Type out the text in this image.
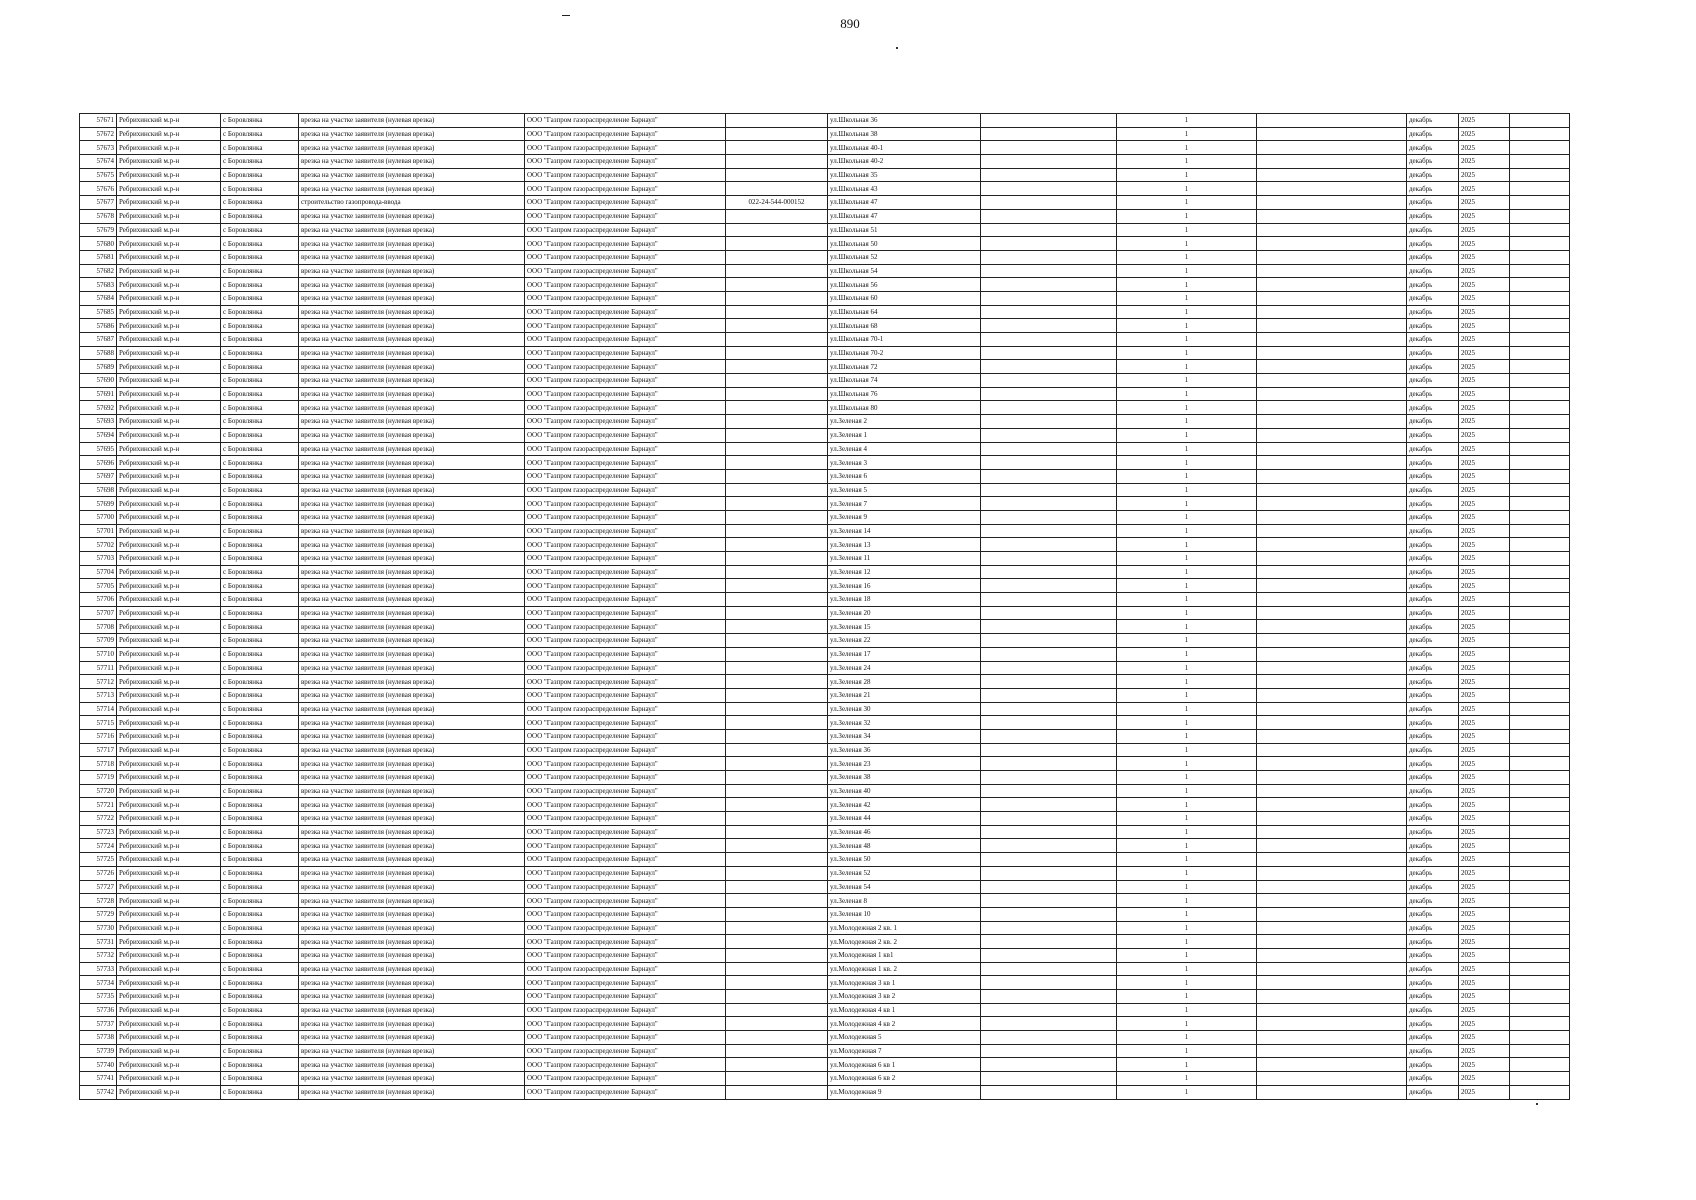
890
57671	Ребрихинский м.р-н	с Боровлянка	врезка на участке заявителя (нулевая врезка)	ООО "Газпром газораспределение Барнаул"		ул.Школьная 36		1		декабрь	2025	
57672	Ребрихинский м.р-н	с Боровлянка	врезка на участке заявителя (нулевая врезка)	ООО "Газпром газораспределение Барнаул"		ул.Школьная 38		1		декабрь	2025	
57673	Ребрихинский м.р-н	с Боровлянка	врезка на участке заявителя (нулевая врезка)	ООО "Газпром газораспределение Барнаул"		ул.Школьная 40-1		1		декабрь	2025	
57674	Ребрихинский м.р-н	с Боровлянка	врезка на участке заявителя (нулевая врезка)	ООО "Газпром газораспределение Барнаул"		ул.Школьная 40-2		1		декабрь	2025	
57675	Ребрихинский м.р-н	с Боровлянка	врезка на участке заявителя (нулевая врезка)	ООО "Газпром газораспределение Барнаул"		ул.Школьная 35		1		декабрь	2025	
57676	Ребрихинский м.р-н	с Боровлянка	врезка на участке заявителя (нулевая врезка)	ООО "Газпром газораспределение Барнаул"		ул.Школьная 43		1		декабрь	2025	
57677	Ребрихинский м.р-н	с Боровлянка	строительство газопровода-ввода	ООО "Газпром газораспределение Барнаул"	022-24-544-000152	ул.Школьная 47		1		декабрь	2025	
57678	Ребрихинский м.р-н	с Боровлянка	врезка на участке заявителя (нулевая врезка)	ООО "Газпром газораспределение Барнаул"		ул.Школьная 47		1		декабрь	2025	
57679	Ребрихинский м.р-н	с Боровлянка	врезка на участке заявителя (нулевая врезка)	ООО "Газпром газораспределение Барнаул"		ул.Школьная 51		1		декабрь	2025	
57680	Ребрихинский м.р-н	с Боровлянка	врезка на участке заявителя (нулевая врезка)	ООО "Газпром газораспределение Барнаул"		ул.Школьная 50		1		декабрь	2025	
57681	Ребрихинский м.р-н	с Боровлянка	врезка на участке заявителя (нулевая врезка)	ООО "Газпром газораспределение Барнаул"		ул.Школьная 52		1		декабрь	2025	
57682	Ребрихинский м.р-н	с Боровлянка	врезка на участке заявителя (нулевая врезка)	ООО "Газпром газораспределение Барнаул"		ул.Школьная 54		1		декабрь	2025	
57683	Ребрихинский м.р-н	с Боровлянка	врезка на участке заявителя (нулевая врезка)	ООО "Газпром газораспределение Барнаул"		ул.Школьная 56		1		декабрь	2025	
57684	Ребрихинский м.р-н	с Боровлянка	врезка на участке заявителя (нулевая врезка)	ООО "Газпром газораспределение Барнаул"		ул.Школьная 60		1		декабрь	2025	
57685	Ребрихинский м.р-н	с Боровлянка	врезка на участке заявителя (нулевая врезка)	ООО "Газпром газораспределение Барнаул"		ул.Школьная 64		1		декабрь	2025	
57686	Ребрихинский м.р-н	с Боровлянка	врезка на участке заявителя (нулевая врезка)	ООО "Газпром газораспределение Барнаул"		ул.Школьная 68		1		декабрь	2025	
57687	Ребрихинский м.р-н	с Боровлянка	врезка на участке заявителя (нулевая врезка)	ООО "Газпром газораспределение Барнаул"		ул.Школьная 70-1		1		декабрь	2025	
57688	Ребрихинский м.р-н	с Боровлянка	врезка на участке заявителя (нулевая врезка)	ООО "Газпром газораспределение Барнаул"		ул.Школьная 70-2		1		декабрь	2025	
57689	Ребрихинский м.р-н	с Боровлянка	врезка на участке заявителя (нулевая врезка)	ООО "Газпром газораспределение Барнаул"		ул.Школьная 72		1		декабрь	2025	
57690	Ребрихинский м.р-н	с Боровлянка	врезка на участке заявителя (нулевая врезка)	ООО "Газпром газораспределение Барнаул"		ул.Школьная 74		1		декабрь	2025	
57691	Ребрихинский м.р-н	с Боровлянка	врезка на участке заявителя (нулевая врезка)	ООО "Газпром газораспределение Барнаул"		ул.Школьная 76		1		декабрь	2025	
57692	Ребрихинский м.р-н	с Боровлянка	врезка на участке заявителя (нулевая врезка)	ООО "Газпром газораспределение Барнаул"		ул.Школьная 80		1		декабрь	2025	
57693	Ребрихинский м.р-н	с Боровлянка	врезка на участке заявителя (нулевая врезка)	ООО "Газпром газораспределение Барнаул"		ул.Зеленая 2		1		декабрь	2025	
57694	Ребрихинский м.р-н	с Боровлянка	врезка на участке заявителя (нулевая врезка)	ООО "Газпром газораспределение Барнаул"		ул.Зеленая 1		1		декабрь	2025	
57695	Ребрихинский м.р-н	с Боровлянка	врезка на участке заявителя (нулевая врезка)	ООО "Газпром газораспределение Барнаул"		ул.Зеленая 4		1		декабрь	2025	
57696	Ребрихинский м.р-н	с Боровлянка	врезка на участке заявителя (нулевая врезка)	ООО "Газпром газораспределение Барнаул"		ул.Зеленая 3		1		декабрь	2025	
57697	Ребрихинский м.р-н	с Боровлянка	врезка на участке заявителя (нулевая врезка)	ООО "Газпром газораспределение Барнаул"		ул.Зеленая 6		1		декабрь	2025	
57698	Ребрихинский м.р-н	с Боровлянка	врезка на участке заявителя (нулевая врезка)	ООО "Газпром газораспределение Барнаул"		ул.Зеленая 5		1		декабрь	2025	
57699	Ребрихинский м.р-н	с Боровлянка	врезка на участке заявителя (нулевая врезка)	ООО "Газпром газораспределение Барнаул"		ул.Зеленая 7		1		декабрь	2025	
57700	Ребрихинский м.р-н	с Боровлянка	врезка на участке заявителя (нулевая врезка)	ООО "Газпром газораспределение Барнаул"		ул.Зеленая 9		1		декабрь	2025	
57701	Ребрихинский м.р-н	с Боровлянка	врезка на участке заявителя (нулевая врезка)	ООО "Газпром газораспределение Барнаул"		ул.Зеленая 14		1		декабрь	2025	
57702	Ребрихинский м.р-н	с Боровлянка	врезка на участке заявителя (нулевая врезка)	ООО "Газпром газораспределение Барнаул"		ул.Зеленая 13		1		декабрь	2025	
57703	Ребрихинский м.р-н	с Боровлянка	врезка на участке заявителя (нулевая врезка)	ООО "Газпром газораспределение Барнаул"		ул.Зеленая 11		1		декабрь	2025	
57704	Ребрихинский м.р-н	с Боровлянка	врезка на участке заявителя (нулевая врезка)	ООО "Газпром газораспределение Барнаул"		ул.Зеленая 12		1		декабрь	2025	
57705	Ребрихинский м.р-н	с Боровлянка	врезка на участке заявителя (нулевая врезка)	ООО "Газпром газораспределение Барнаул"		ул.Зеленая 16		1		декабрь	2025	
57706	Ребрихинский м.р-н	с Боровлянка	врезка на участке заявителя (нулевая врезка)	ООО "Газпром газораспределение Барнаул"		ул.Зеленая 18		1		декабрь	2025	
57707	Ребрихинский м.р-н	с Боровлянка	врезка на участке заявителя (нулевая врезка)	ООО "Газпром газораспределение Барнаул"		ул.Зеленая 20		1		декабрь	2025	
57708	Ребрихинский м.р-н	с Боровлянка	врезка на участке заявителя (нулевая врезка)	ООО "Газпром газораспределение Барнаул"		ул.Зеленая 15		1		декабрь	2025	
57709	Ребрихинский м.р-н	с Боровлянка	врезка на участке заявителя (нулевая врезка)	ООО "Газпром газораспределение Барнаул"		ул.Зеленая 22		1		декабрь	2025	
57710	Ребрихинский м.р-н	с Боровлянка	врезка на участке заявителя (нулевая врезка)	ООО "Газпром газораспределение Барнаул"		ул.Зеленая 17		1		декабрь	2025	
57711	Ребрихинский м.р-н	с Боровлянка	врезка на участке заявителя (нулевая врезка)	ООО "Газпром газораспределение Барнаул"		ул.Зеленая 24		1		декабрь	2025	
57712	Ребрихинский м.р-н	с Боровлянка	врезка на участке заявителя (нулевая врезка)	ООО "Газпром газораспределение Барнаул"		ул.Зеленая 28		1		декабрь	2025	
57713	Ребрихинский м.р-н	с Боровлянка	врезка на участке заявителя (нулевая врезка)	ООО "Газпром газораспределение Барнаул"		ул.Зеленая 21		1		декабрь	2025	
57714	Ребрихинский м.р-н	с Боровлянка	врезка на участке заявителя (нулевая врезка)	ООО "Газпром газораспределение Барнаул"		ул.Зеленая 30		1		декабрь	2025	
57715	Ребрихинский м.р-н	с Боровлянка	врезка на участке заявителя (нулевая врезка)	ООО "Газпром газораспределение Барнаул"		ул.Зеленая 32		1		декабрь	2025	
57716	Ребрихинский м.р-н	с Боровлянка	врезка на участке заявителя (нулевая врезка)	ООО "Газпром газораспределение Барнаул"		ул.Зеленая 34		1		декабрь	2025	
57717	Ребрихинский м.р-н	с Боровлянка	врезка на участке заявителя (нулевая врезка)	ООО "Газпром газораспределение Барнаул"		ул.Зеленая 36		1		декабрь	2025	
57718	Ребрихинский м.р-н	с Боровлянка	врезка на участке заявителя (нулевая врезка)	ООО "Газпром газораспределение Барнаул"		ул.Зеленая 23		1		декабрь	2025	
57719	Ребрихинский м.р-н	с Боровлянка	врезка на участке заявителя (нулевая врезка)	ООО "Газпром газораспределение Барнаул"		ул.Зеленая 38		1		декабрь	2025	
57720	Ребрихинский м.р-н	с Боровлянка	врезка на участке заявителя (нулевая врезка)	ООО "Газпром газораспределение Барнаул"		ул.Зеленая 40		1		декабрь	2025	
57721	Ребрихинский м.р-н	с Боровлянка	врезка на участке заявителя (нулевая врезка)	ООО "Газпром газораспределение Барнаул"		ул.Зеленая 42		1		декабрь	2025	
57722	Ребрихинский м.р-н	с Боровлянка	врезка на участке заявителя (нулевая врезка)	ООО "Газпром газораспределение Барнаул"		ул.Зеленая 44		1		декабрь	2025	
57723	Ребрихинский м.р-н	с Боровлянка	врезка на участке заявителя (нулевая врезка)	ООО "Газпром газораспределение Барнаул"		ул.Зеленая 46		1		декабрь	2025	
57724	Ребрихинский м.р-н	с Боровлянка	врезка на участке заявителя (нулевая врезка)	ООО "Газпром газораспределение Барнаул"		ул.Зеленая 48		1		декабрь	2025	
57725	Ребрихинский м.р-н	с Боровлянка	врезка на участке заявителя (нулевая врезка)	ООО "Газпром газораспределение Барнаул"		ул.Зеленая 50		1		декабрь	2025	
57726	Ребрихинский м.р-н	с Боровлянка	врезка на участке заявителя (нулевая врезка)	ООО "Газпром газораспределение Барнаул"		ул.Зеленая 52		1		декабрь	2025	
57727	Ребрихинский м.р-н	с Боровлянка	врезка на участке заявителя (нулевая врезка)	ООО "Газпром газораспределение Барнаул"		ул.Зеленая 54		1		декабрь	2025	
57728	Ребрихинский м.р-н	с Боровлянка	врезка на участке заявителя (нулевая врезка)	ООО "Газпром газораспределение Барнаул"		ул.Зеленая 8		1		декабрь	2025	
57729	Ребрихинский м.р-н	с Боровлянка	врезка на участке заявителя (нулевая врезка)	ООО "Газпром газораспределение Барнаул"		ул.Зеленая 10		1		декабрь	2025	
57730	Ребрихинский м.р-н	с Боровлянка	врезка на участке заявителя (нулевая врезка)	ООО "Газпром газораспределение Барнаул"		ул.Молодежная 2 кв. 1		1		декабрь	2025	
57731	Ребрихинский м.р-н	с Боровлянка	врезка на участке заявителя (нулевая врезка)	ООО "Газпром газораспределение Барнаул"		ул.Молодежная 2 кв. 2		1		декабрь	2025	
57732	Ребрихинский м.р-н	с Боровлянка	врезка на участке заявителя (нулевая врезка)	ООО "Газпром газораспределение Барнаул"		ул.Молодежная 1 кв1		1		декабрь	2025	
57733	Ребрихинский м.р-н	с Боровлянка	врезка на участке заявителя (нулевая врезка)	ООО "Газпром газораспределение Барнаул"		ул.Молодежная 1 кв. 2		1		декабрь	2025	
57734	Ребрихинский м.р-н	с Боровлянка	врезка на участке заявителя (нулевая врезка)	ООО "Газпром газораспределение Барнаул"		ул.Молодежная 3 кв 1		1		декабрь	2025	
57735	Ребрихинский м.р-н	с Боровлянка	врезка на участке заявителя (нулевая врезка)	ООО "Газпром газораспределение Барнаул"		ул.Молодежная 3 кв 2		1		декабрь	2025	
57736	Ребрихинский м.р-н	с Боровлянка	врезка на участке заявителя (нулевая врезка)	ООО "Газпром газораспределение Барнаул"		ул.Молодежная 4 кв 1		1		декабрь	2025	
57737	Ребрихинский м.р-н	с Боровлянка	врезка на участке заявителя (нулевая врезка)	ООО "Газпром газораспределение Барнаул"		ул.Молодежная 4 кв 2		1		декабрь	2025	
57738	Ребрихинский м.р-н	с Боровлянка	врезка на участке заявителя (нулевая врезка)	ООО "Газпром газораспределение Барнаул"		ул.Молодежная 5		1		декабрь	2025	
57739	Ребрихинский м.р-н	с Боровлянка	врезка на участке заявителя (нулевая врезка)	ООО "Газпром газораспределение Барнаул"		ул.Молодежная 7		1		декабрь	2025	
57740	Ребрихинский м.р-н	с Боровлянка	врезка на участке заявителя (нулевая врезка)	ООО "Газпром газораспределение Барнаул"		ул.Молодежная 6 кв 1		1		декабрь	2025	
57741	Ребрихинский м.р-н	с Боровлянка	врезка на участке заявителя (нулевая врезка)	ООО "Газпром газораспределение Барнаул"		ул.Молодежная 6 кв 2		1		декабрь	2025	
57742	Ребрихинский м.р-н	с Боровлянка	врезка на участке заявителя (нулевая врезка)	ООО "Газпром газораспределение Барнаул"		ул.Молодежная 9		1		декабрь	2025	
